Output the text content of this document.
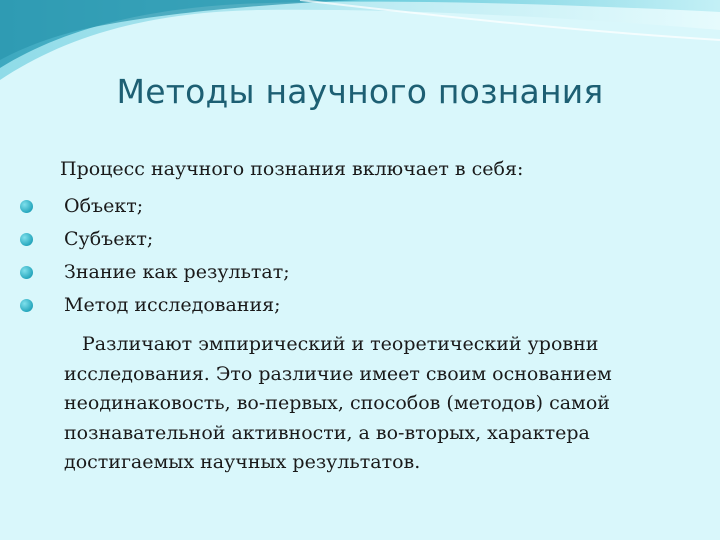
Методы научного познания
Процесс научного познания включает в себя:
Объект;
Субъект;
Знание как результат;
Метод исследования;

Различают эмпирический и теоретический уровни
исследования. Это различие имеет своим основанием
неодинаковость, во-первых, способов (методов) самой
познавательной активности, а во-вторых, характера
достигаемых научных результатов.
